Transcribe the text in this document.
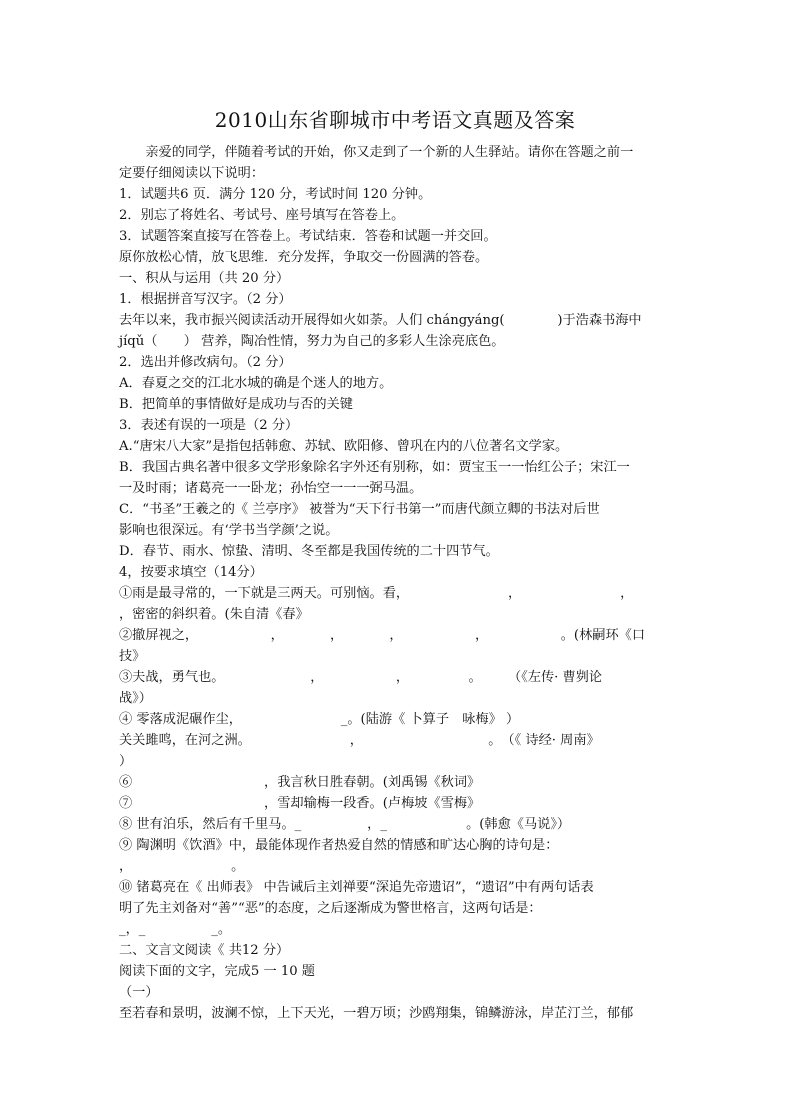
2010山东省聊城市中考语文真题及答案
　　亲爱的同学，伴随着考试的开始，你又走到了一个新的人生驿站。请你在答题之前一
定要仔细阅读以下说明：
1．试题共6 页．满分 120 分，考试时间 120 分钟。
2．别忘了将姓名、考试号、座号填写在答卷上。
3．试题答案直接写在答卷上。考试结束．答卷和试题一并交回。
原你放松心情，放飞思维．充分发挥，争取交一份圆满的答卷。
一、积从与运用（共 20 分）
1．根据拼音写汉字。（2 分）
去年以来，我市振兴阅读活动开展得如火如荼。人们 chángyáng(　　　　)于浩森书海中
jíqǔ（　　） 营养，陶冶性情，努力为自己的多彩人生涂亮底色。
2．选出并修改病句。（2 分）
A．春夏之交的江北水城的确是个迷人的地方。
B．把简单的事情做好是成功与否的关键
3．表述有误的一项是（2 分）
A.“唐宋八大家”是指包括韩愈、苏轼、欧阳修、曾巩在内的八位著名文学家。
B．我国古典名著中很多文学形象除名字外还有别称，如：贾宝玉一一怡红公子；宋江一
一及时雨；诸葛亮一一卧龙；孙怡空一一一弼马温。
C．“书圣”王羲之的《 兰亭序》 被誉为“天下行书第一”而唐代颜立卿的书法对后世
影响也很深远。有‘学书当学颜’之说。
D．春节、雨水、惊蛰、清明、冬至都是我国传统的二十四节气。
4，按要求填空（14分）
①雨是最寻常的，一下就是三两天。可别恼。看，　　　　　　　　，　　　　　　　　，
，密密的斜织着。(朱自清《春》
②撤屏视之，　　　　　　，　　　　，　　　　，　　　　　　，　　　　　　。(林嗣环《口
技》
③夫战，勇气也。　　　　　　　，　　　　　　，　　　　　。　　　（《左传· 曹刿论
战》）
④ 零落成泥碾作尘，　　　　　　　　_。(陆游《 卜算子　咏梅》 ）
关关雎鸣，在河之洲。　　　　　　　　，　　　　　　　　　　。　（《 诗经· 周南》
）
⑥　　　　　　　　　　，我言秋日胜春朝。(刘禹锡《秋词》
⑦　　　　　　　　　　，雪却输梅一段香。(卢梅坡《雪梅》
⑧ 世有泊乐，然后有千里马。_　　　　　，_　　　　　　。(韩愈《马说》）
⑨ 陶渊明《饮酒》中，最能体现作者热爱自然的情感和旷达心胸的诗句是：
，　　　　　　　　。
⑩ 锗葛亮在《 出师表》 中告诫后主刘禅要“深追先帝遗诏”，“遗诏”中有两句话表
明了先主刘备对“善”“恶”的态度，之后逐渐成为警世格言，这两句话是：
_，_　　　　　_。
二、文言文阅读《 共12 分）
阅读下面的文字，完成5 一 10 题
（一）
至若春和景明，波澜不惊，上下天光，一碧万顷；沙鸥翔集，锦鳞游泳，岸芷汀兰，郁郁
